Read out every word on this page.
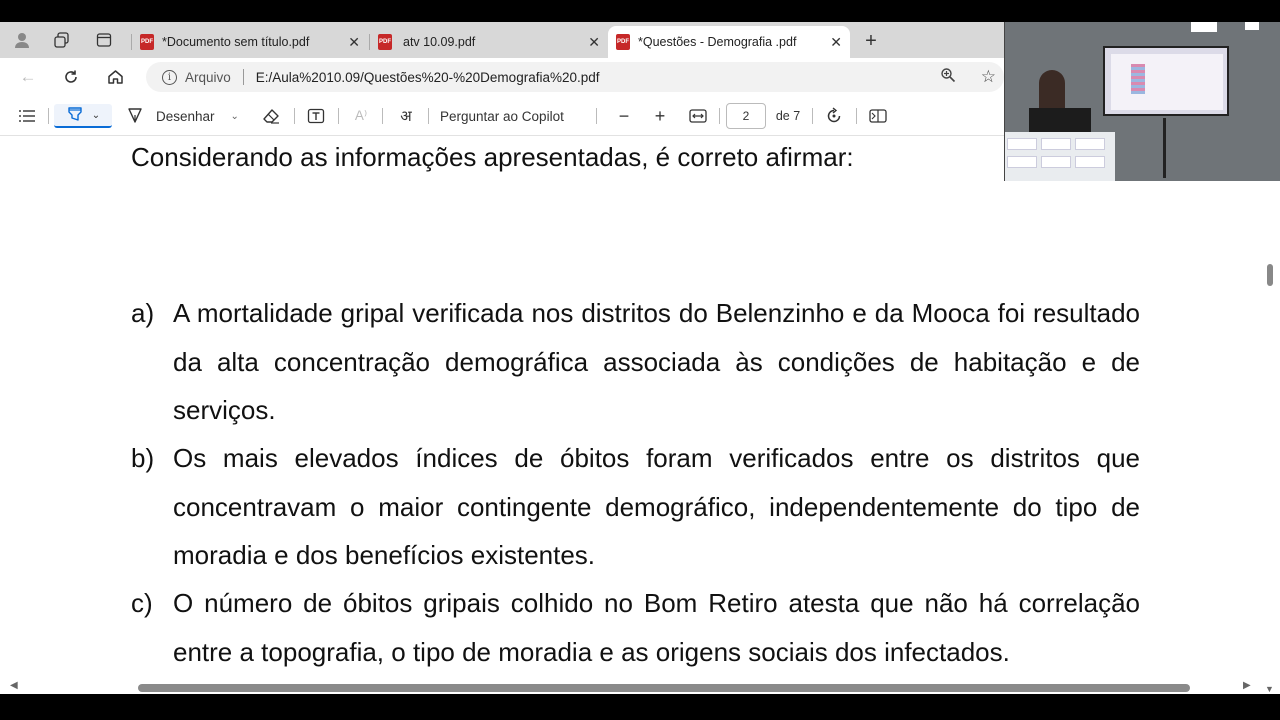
PDF *Documento sem título.pdf	✕	PDF atv 10.09.pdf	✕	PDF *Questões - Demografia .pdf ✕	+
←	i	Arquivo E:/Aula%2010.09/Questões%20-%20Demografia%20.pdf	☆
⌄	Desenhar ⌄	A⁾ अ Perguntar ao Copilot	−	+	2 de 7
Considerando as informações apresentadas, é correto afirmar:
a) A mortalidade gripal verificada nos distritos do Belenzinho e da Mooca foi resultado da alta concentração demográfica associada às condições de habitação e de serviços.
b) Os mais elevados índices de óbitos foram verificados entre os distritos que concentravam o maior contingente demográfico, independentemente do tipo de moradia e dos benefícios existentes.
c) O número de óbitos gripais colhido no Bom Retiro atesta que não há correlação entre a topografia, o tipo de moradia e as origens sociais dos infectados.
▼
◀	▶
